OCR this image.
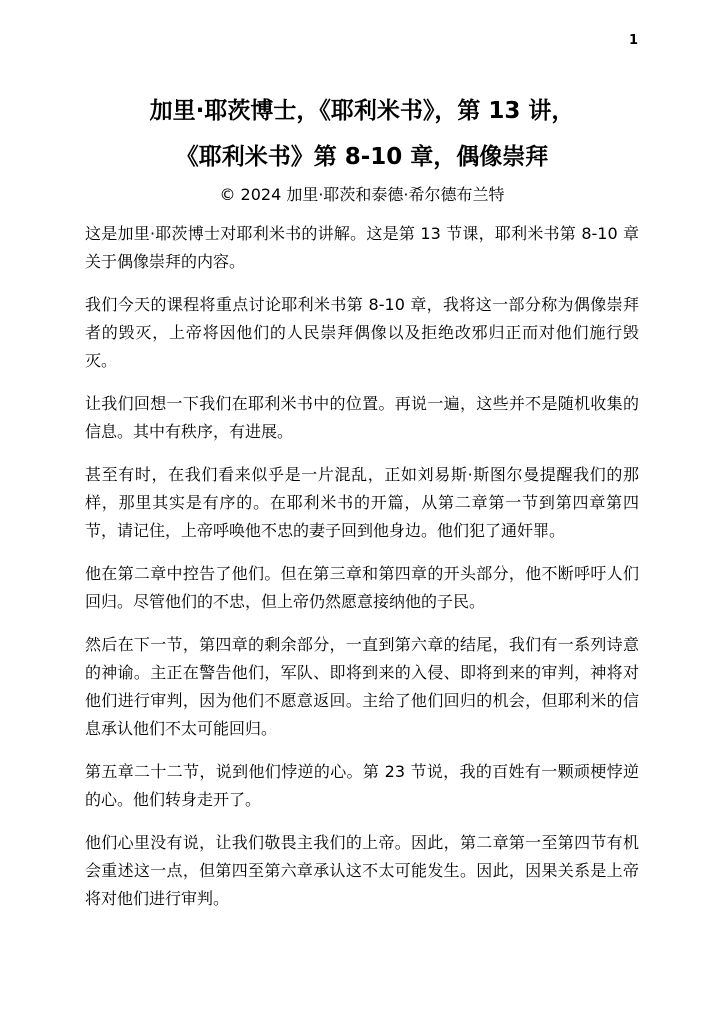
1
加里·耶茨博士，《耶利米书》，第 13 讲，
《耶利米书》第 8-10 章，偶像崇拜
© 2024 加里·耶茨和泰德·希尔德布兰特

这是加里·耶茨博士对耶利米书的讲解。这是第 13 节课，耶利米书第 8-10 章关于偶像崇拜的内容。

我们今天的课程将重点讨论耶利米书第 8-10 章，我将这一部分称为偶像崇拜者的毁灭，上帝将因他们的人民崇拜偶像以及拒绝改邪归正而对他们施行毁灭。

让我们回想一下我们在耶利米书中的位置。再说一遍，这些并不是随机收集的信息。其中有秩序，有进展。

甚至有时，在我们看来似乎是一片混乱，正如刘易斯·斯图尔曼提醒我们的那样，那里其实是有序的。在耶利米书的开篇，从第二章第一节到第四章第四节，请记住，上帝呼唤他不忠的妻子回到他身边。他们犯了通奸罪。

他在第二章中控告了他们。但在第三章和第四章的开头部分，他不断呼吁人们回归。尽管他们的不忠，但上帝仍然愿意接纳他的子民。

然后在下一节，第四章的剩余部分，一直到第六章的结尾，我们有一系列诗意的神谕。主正在警告他们，军队、即将到来的入侵、即将到来的审判，神将对他们进行审判，因为他们不愿意返回。主给了他们回归的机会，但耶利米的信息承认他们不太可能回归。

第五章二十二节，说到他们悖逆的心。第 23 节说，我的百姓有一颗顽梗悖逆的心。他们转身走开了。

他们心里没有说，让我们敬畏主我们的上帝。因此，第二章第一至第四节有机会重述这一点，但第四至第六章承认这不太可能发生。因此，因果关系是上帝将对他们进行审判。
